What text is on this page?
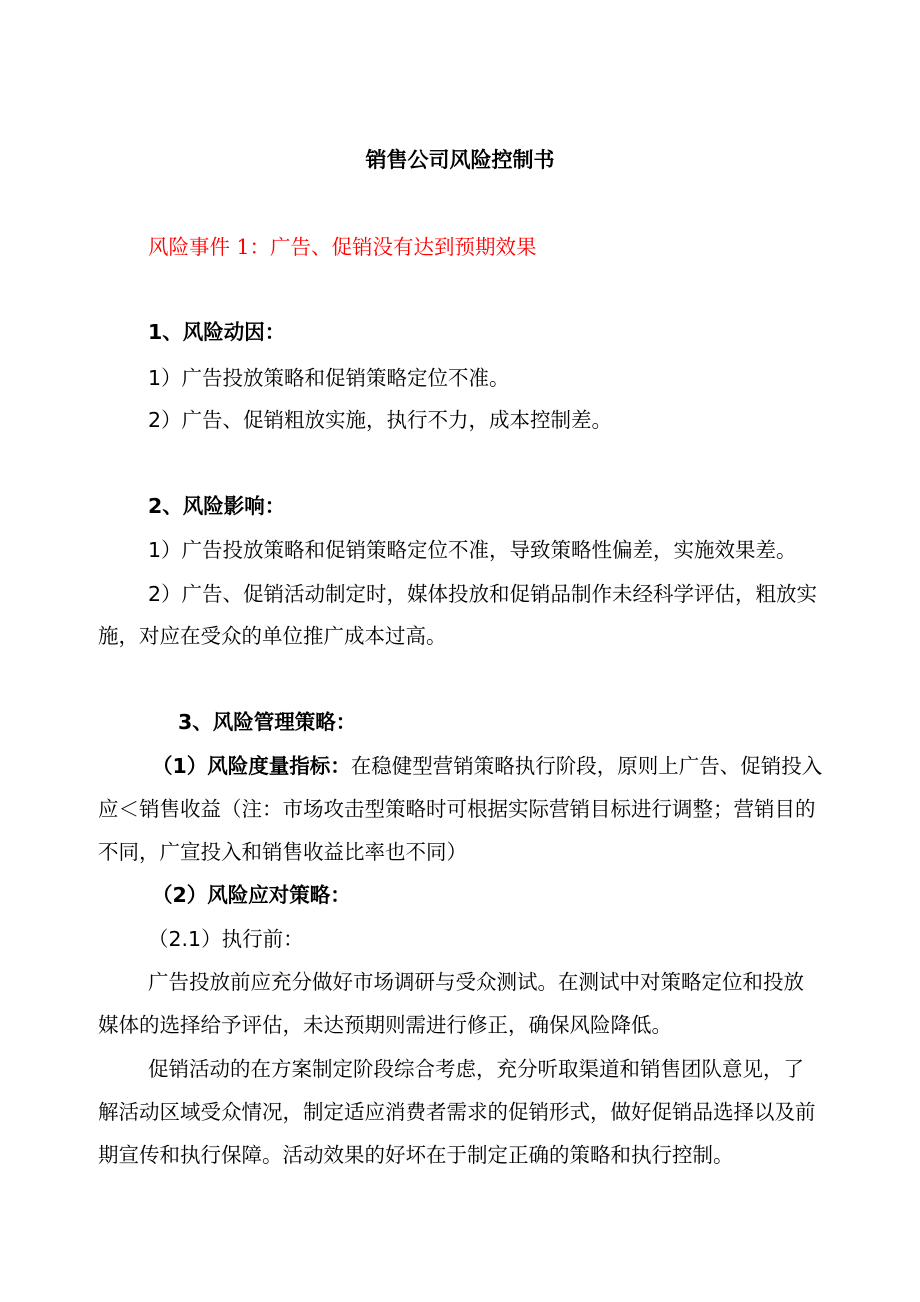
销售公司风险控制书
风险事件 1：广告、促销没有达到预期效果
1、风险动因：
1）广告投放策略和促销策略定位不准。
2）广告、促销粗放实施，执行不力，成本控制差。
2、风险影响：
1）广告投放策略和促销策略定位不准，导致策略性偏差，实施效果差。
2）广告、促销活动制定时，媒体投放和促销品制作未经科学评估，粗放实
施，对应在受众的单位推广成本过高。
3、风险管理策略：
（1）风险度量指标：在稳健型营销策略执行阶段，原则上广告、促销投入
应＜销售收益（注：市场攻击型策略时可根据实际营销目标进行调整；营销目的
不同，广宣投入和销售收益比率也不同）
（2）风险应对策略：
（2.1）执行前：
广告投放前应充分做好市场调研与受众测试。在测试中对策略定位和投放
媒体的选择给予评估，未达预期则需进行修正，确保风险降低。
促销活动的在方案制定阶段综合考虑，充分听取渠道和销售团队意见，了
解活动区域受众情况，制定适应消费者需求的促销形式，做好促销品选择以及前
期宣传和执行保障。活动效果的好坏在于制定正确的策略和执行控制。
